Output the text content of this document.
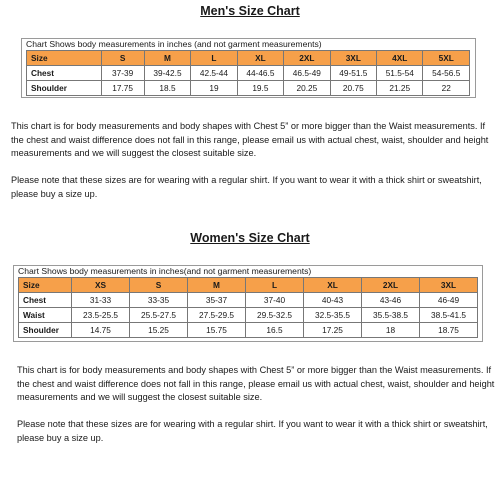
Men's Size Chart

Chart Shows body measurements in inches (and not garment measurements)

Size	S	M	L	XL	2XL	3XL	4XL	5XL
Chest	37-39	39-42.5	42.5-44	44-46.5	46.5-49	49-51.5	51.5-54	54-56.5
Shoulder	17.75	18.5	19	19.5	20.25	20.75	21.25	22

This chart is for body measurements and body shapes with Chest 5” or more bigger than the Waist measurements. If the chest and waist difference does not fall in this range, please email us with actual chest, waist, shoulder and height measurements and we will suggest the closest suitable size.

Please note that these sizes are for wearing with a regular shirt. If you want to wear it with a thick shirt or sweatshirt, please buy a size up.

Women's Size Chart

Chart Shows body measurements in inches(and not garment measurements)

Size	XS	S	M	L	XL	2XL	3XL
Chest	31-33	33-35	35-37	37-40	40-43	43-46	46-49
Waist	23.5-25.5	25.5-27.5	27.5-29.5	29.5-32.5	32.5-35.5	35.5-38.5	38.5-41.5
Shoulder	14.75	15.25	15.75	16.5	17.25	18	18.75

This chart is for body measurements and body shapes with Chest 5” or more bigger than the Waist measurements. If the chest and waist difference does not fall in this range, please email us with actual chest, waist, shoulder and height measurements and we will suggest the closest suitable size.

Please note that these sizes are for wearing with a regular shirt. If you want to wear it with a thick shirt or sweatshirt, please buy a size up.
